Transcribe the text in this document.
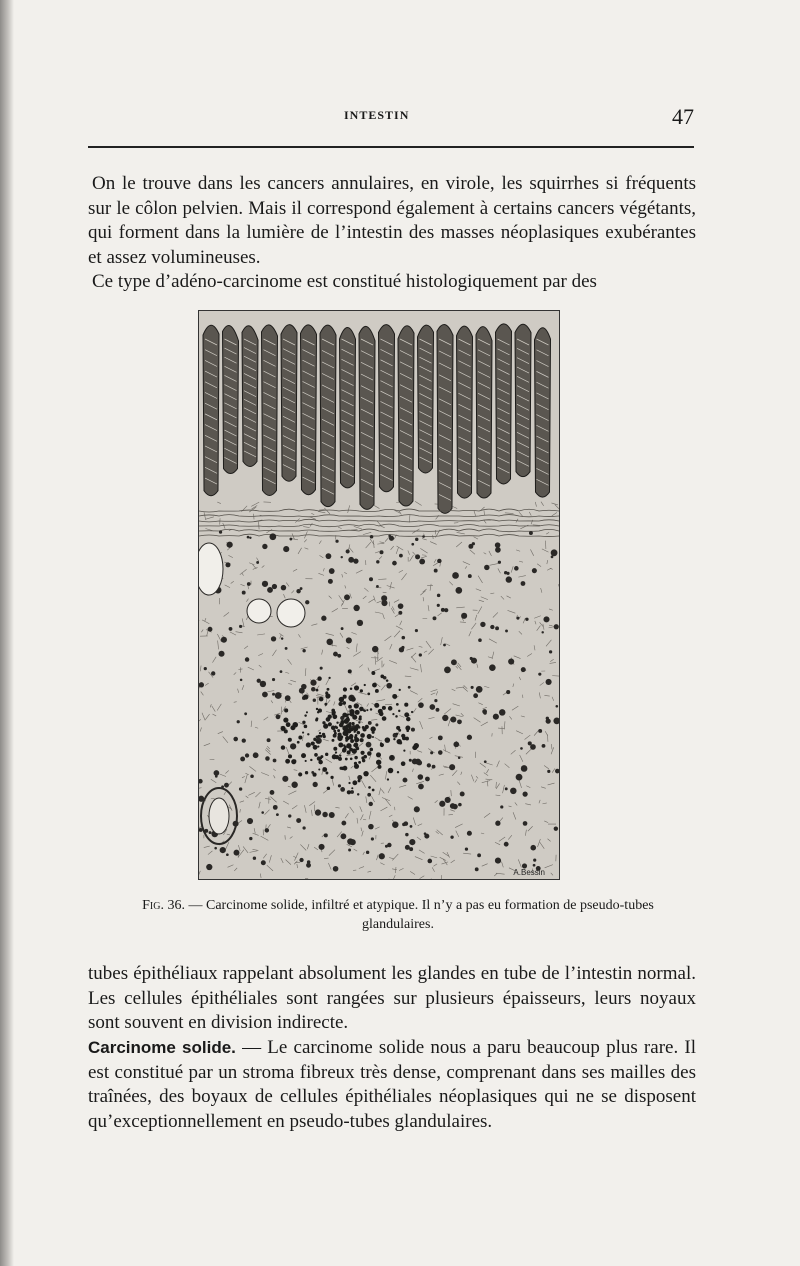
INTESTIN	47

On le trouve dans les cancers annulaires, en virole, les squirrhes si fréquents sur le côlon pelvien. Mais il correspond également à certains cancers végétants, qui forment dans la lumière de l’intestin des masses néoplasiques exubérantes et assez volumineuses.

Ce type d’adéno-carcinome est constitué histologiquement par des

A.Bessin
Fig. 36. — Carcinome solide, infiltré et atypique. Il n’y a pas eu formation de pseudo-tubes glandulaires.

tubes épithéliaux rappelant absolument les glandes en tube de l’intestin normal. Les cellules épithéliales sont rangées sur plusieurs épaisseurs, leurs noyaux sont souvent en division indirecte.

Carcinome solide. — Le carcinome solide nous a paru beaucoup plus rare. Il est constitué par un stroma fibreux très dense, comprenant dans ses mailles des traînées, des boyaux de cellules épithéliales néoplasiques qui ne se disposent qu’exceptionnellement en pseudo-tubes glandulaires.
